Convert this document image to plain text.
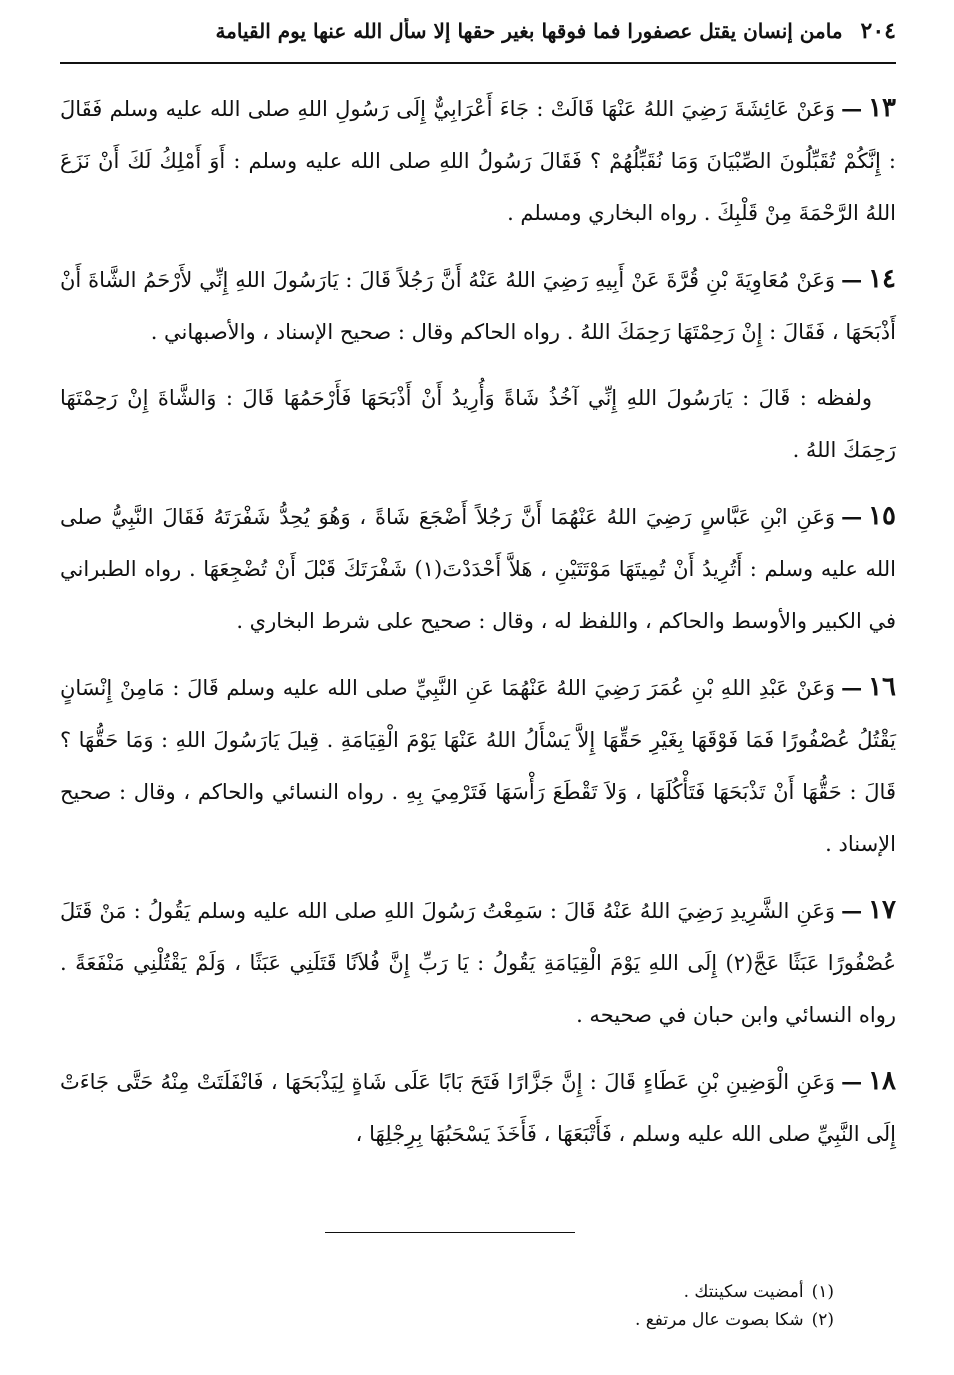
٢٠٤
مامن إنسان يقتل عصفورا فما فوقها بغير حقها إلا سأل الله عنها يوم القيامة

١٣—وَعَنْ عَائِشَةَ رَضِيَ اللهُ عَنْهَا قَالَتْ : جَاءَ أَعْرَابِيٌّ إِلَى رَسُولِ اللهِ صلى الله عليه وسلم فَقَالَ : إِنَّكُمْ تُقَبِّلُونَ الصِّبْيَانَ وَمَا نُقَبِّلُهُمْ ؟ فَقَالَ رَسُولُ اللهِ صلى الله عليه وسلم : أَوَ أَمْلِكُ لَكَ أَنْ نَزَعَ اللهُ الرَّحْمَةَ مِنْ قَلْبِكَ . رواه البخاري ومسلم .

١٤—وَعَنْ مُعَاوِيَةَ بْنِ قُرَّةَ عَنْ أَبِيهِ رَضِيَ اللهُ عَنْهُ أَنَّ رَجُلاً قَالَ : يَارَسُولَ اللهِ إِنِّي لأَرْحَمُ الشَّاةَ أَنْ أَذْبَحَهَا ، فَقَالَ : إِنْ رَحِمْتَهَا رَحِمَكَ اللهُ . رواه الحاكم وقال : صحيح الإسناد ، والأصبهاني .

ولفظه : قَالَ : يَارَسُولَ اللهِ إِنِّي آخُذُ شَاةً وَأُرِيدُ أَنْ أَذْبَحَهَا فَأَرْحَمُهَا قَالَ : وَالشَّاةَ إِنْ رَحِمْتَهَا رَحِمَكَ اللهُ .

١٥—وَعَنِ ابْنِ عَبَّاسٍ رَضِيَ اللهُ عَنْهُمَا أَنَّ رَجُلاً أَضْجَعَ شَاةً ، وَهُوَ يُحِدُّ شَفْرَتَهُ فَقَالَ النَّبِيُّ صلى الله عليه وسلم : أَتُرِيدُ أَنْ تُمِيتَهَا مَوْتَتَيْنِ ، هَلاَّ أَحْدَدْتَ(١) شَفْرَتَكَ قَبْلَ أَنْ تُضْجِعَهَا . رواه الطبراني في الكبير والأوسط والحاكم ، واللفظ له ، وقال : صحيح على شرط البخاري .

١٦—وَعَنْ عَبْدِ اللهِ بْنِ عُمَرَ رَضِيَ اللهُ عَنْهُمَا عَنِ النَّبِيِّ صلى الله عليه وسلم قَالَ : مَامِنْ إِنْسَانٍ يَقْتُلُ عُصْفُورًا فَمَا فَوْقَهَا بِغَيْرِ حَقِّهَا إِلاَّ يَسْأَلُ اللهُ عَنْهَا يَوْمَ الْقِيَامَةِ . قِيلَ يَارَسُولَ اللهِ : وَمَا حَقُّهَا ؟ قَالَ : حَقُّهَا أَنْ تَذْبَحَهَا فَتَأْكُلَهَا ، وَلاَ تَقْطَعَ رَأْسَهَا فَتَرْمِيَ بِهِ . رواه النسائي والحاكم ، وقال : صحيح الإسناد .

١٧—وَعَنِ الشَّرِيدِ رَضِيَ اللهُ عَنْهُ قَالَ : سَمِعْتُ رَسُولَ اللهِ صلى الله عليه وسلم يَقُولُ : مَنْ قَتَلَ عُصْفُورًا عَبَثًا عَجَّ(٢) إِلَى اللهِ يَوْمَ الْقِيَامَةِ يَقُولُ : يَا رَبِّ إِنَّ فُلاَنًا قَتَلَنِي عَبَثًا ، وَلَمْ يَقْتُلْنِي مَنْفَعَةً . رواه النسائي وابن حبان في صحيحه .

١٨—وَعَنِ الْوَضِينِ بْنِ عَطَاءٍ قَالَ : إِنَّ جَزَّارًا فَتَحَ بَابًا عَلَى شَاةٍ لِيَذْبَحَهَا ، فَانْفَلَتَتْ مِنْهُ حَتَّى جَاءَتْ إِلَى النَّبِيِّ صلى الله عليه وسلم ، فَأَتْبَعَهَا ، فَأَخَذَ يَسْحَبُهَا بِرِجْلِهَا ،

(١)أمضيت سكينتك .
(٢)شكا بصوت عال مرتفع .
